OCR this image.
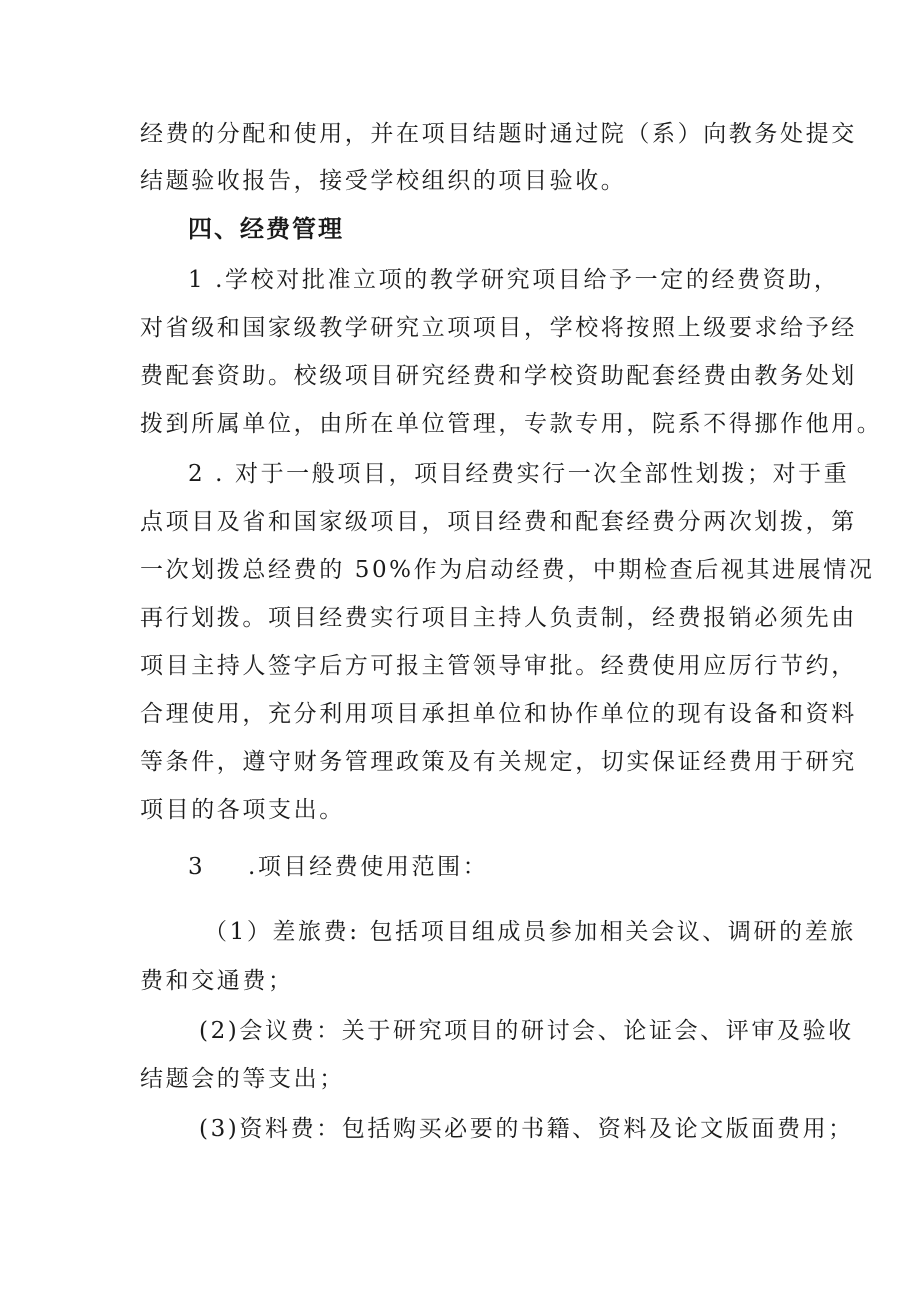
经费的分配和使用，并在项目结题时通过院（系）向教务处提交
结题验收报告，接受学校组织的项目验收。
四、经费管理
1 .学校对批准立项的教学研究项目给予一定的经费资助，
对省级和国家级教学研究立项项目，学校将按照上级要求给予经
费配套资助。校级项目研究经费和学校资助配套经费由教务处划
拨到所属单位，由所在单位管理，专款专用，院系不得挪作他用。
2 . 对于一般项目，项目经费实行一次全部性划拨；对于重
点项目及省和国家级项目，项目经费和配套经费分两次划拨，第
一次划拨总经费的 50%作为启动经费，中期检查后视其进展情况
再行划拨。项目经费实行项目主持人负责制，经费报销必须先由
项目主持人签字后方可报主管领导审批。经费使用应厉行节约，
合理使用，充分利用项目承担单位和协作单位的现有设备和资料
等条件，遵守财务管理政策及有关规定，切实保证经费用于研究
项目的各项支出。
3 .项目经费使用范围：
（1）差旅费: 包括项目组成员参加相关会议、调研的差旅
费和交通费；
(2)会议费：关于研究项目的研讨会、论证会、评审及验收
结题会的等支出；
(3)资料费：包括购买必要的书籍、资料及论文版面费用；
